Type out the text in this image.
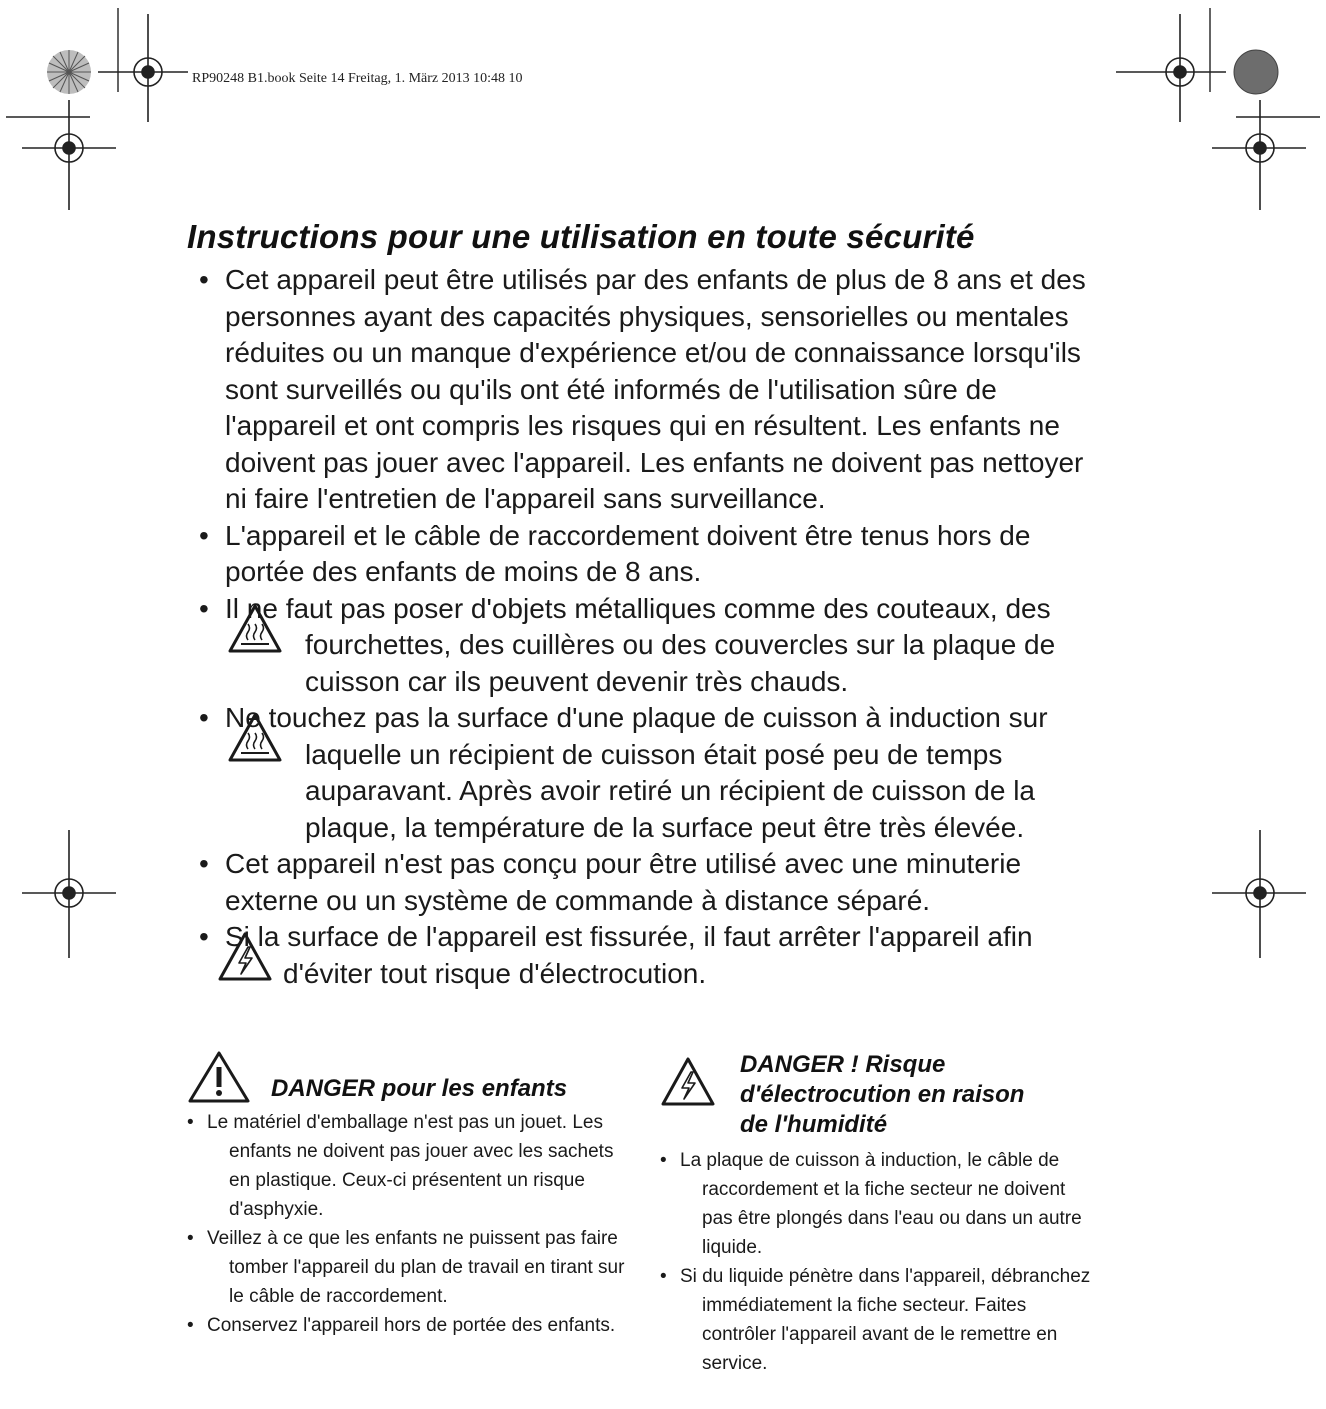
RP90248 B1.book Seite 14 Freitag, 1. März 2013 10:48 10
Instructions pour une utilisation en toute sécurité
• Cet appareil peut être utilisés par des enfants de plus de 8 ans et des personnes ayant des capacités physiques, sensorielles ou mentales réduites ou un manque d'expérience et/ou de connaissance lorsqu'ils sont surveillés ou qu'ils ont été informés de l'utilisation sûre de l'appareil et ont compris les risques qui en résultent. Les enfants ne doivent pas jouer avec l'appareil. Les enfants ne doivent pas nettoyer ni faire l'entretien de l'appareil sans surveillance.
• L'appareil et le câble de raccordement doivent être tenus hors de portée des enfants de moins de 8 ans.
• Il ne faut pas poser d'objets métalliques comme des couteaux, des fourchettes, des cuillères ou des couvercles sur la plaque de cuisson car ils peuvent devenir très chauds.
• Ne touchez pas la surface d'une plaque de cuisson à induction sur laquelle un récipient de cuisson était posé peu de temps auparavant. Après avoir retiré un récipient de cuisson de la plaque, la température de la surface peut être très élevée.
• Cet appareil n'est pas conçu pour être utilisé avec une minuterie externe ou un système de commande à distance séparé.
• Si la surface de l'appareil est fissurée, il faut arrêter l'appareil afin d'éviter tout risque d'électrocution.
DANGER pour les enfants
• Le matériel d'emballage n'est pas un jouet. Les enfants ne doivent pas jouer avec les sachets en plastique. Ceux-ci présentent un risque d'asphyxie.
• Veillez à ce que les enfants ne puissent pas faire tomber l'appareil du plan de travail en tirant sur le câble de raccordement.
• Conservez l'appareil hors de portée des enfants.
DANGER ! Risque
d'électrocution en raison
de l'humidité
• La plaque de cuisson à induction, le câble de raccordement et la fiche secteur ne doivent pas être plongés dans l'eau ou dans un autre liquide.
• Si du liquide pénètre dans l'appareil, débranchez immédiatement la fiche secteur. Faites contrôler l'appareil avant de le remettre en service.
